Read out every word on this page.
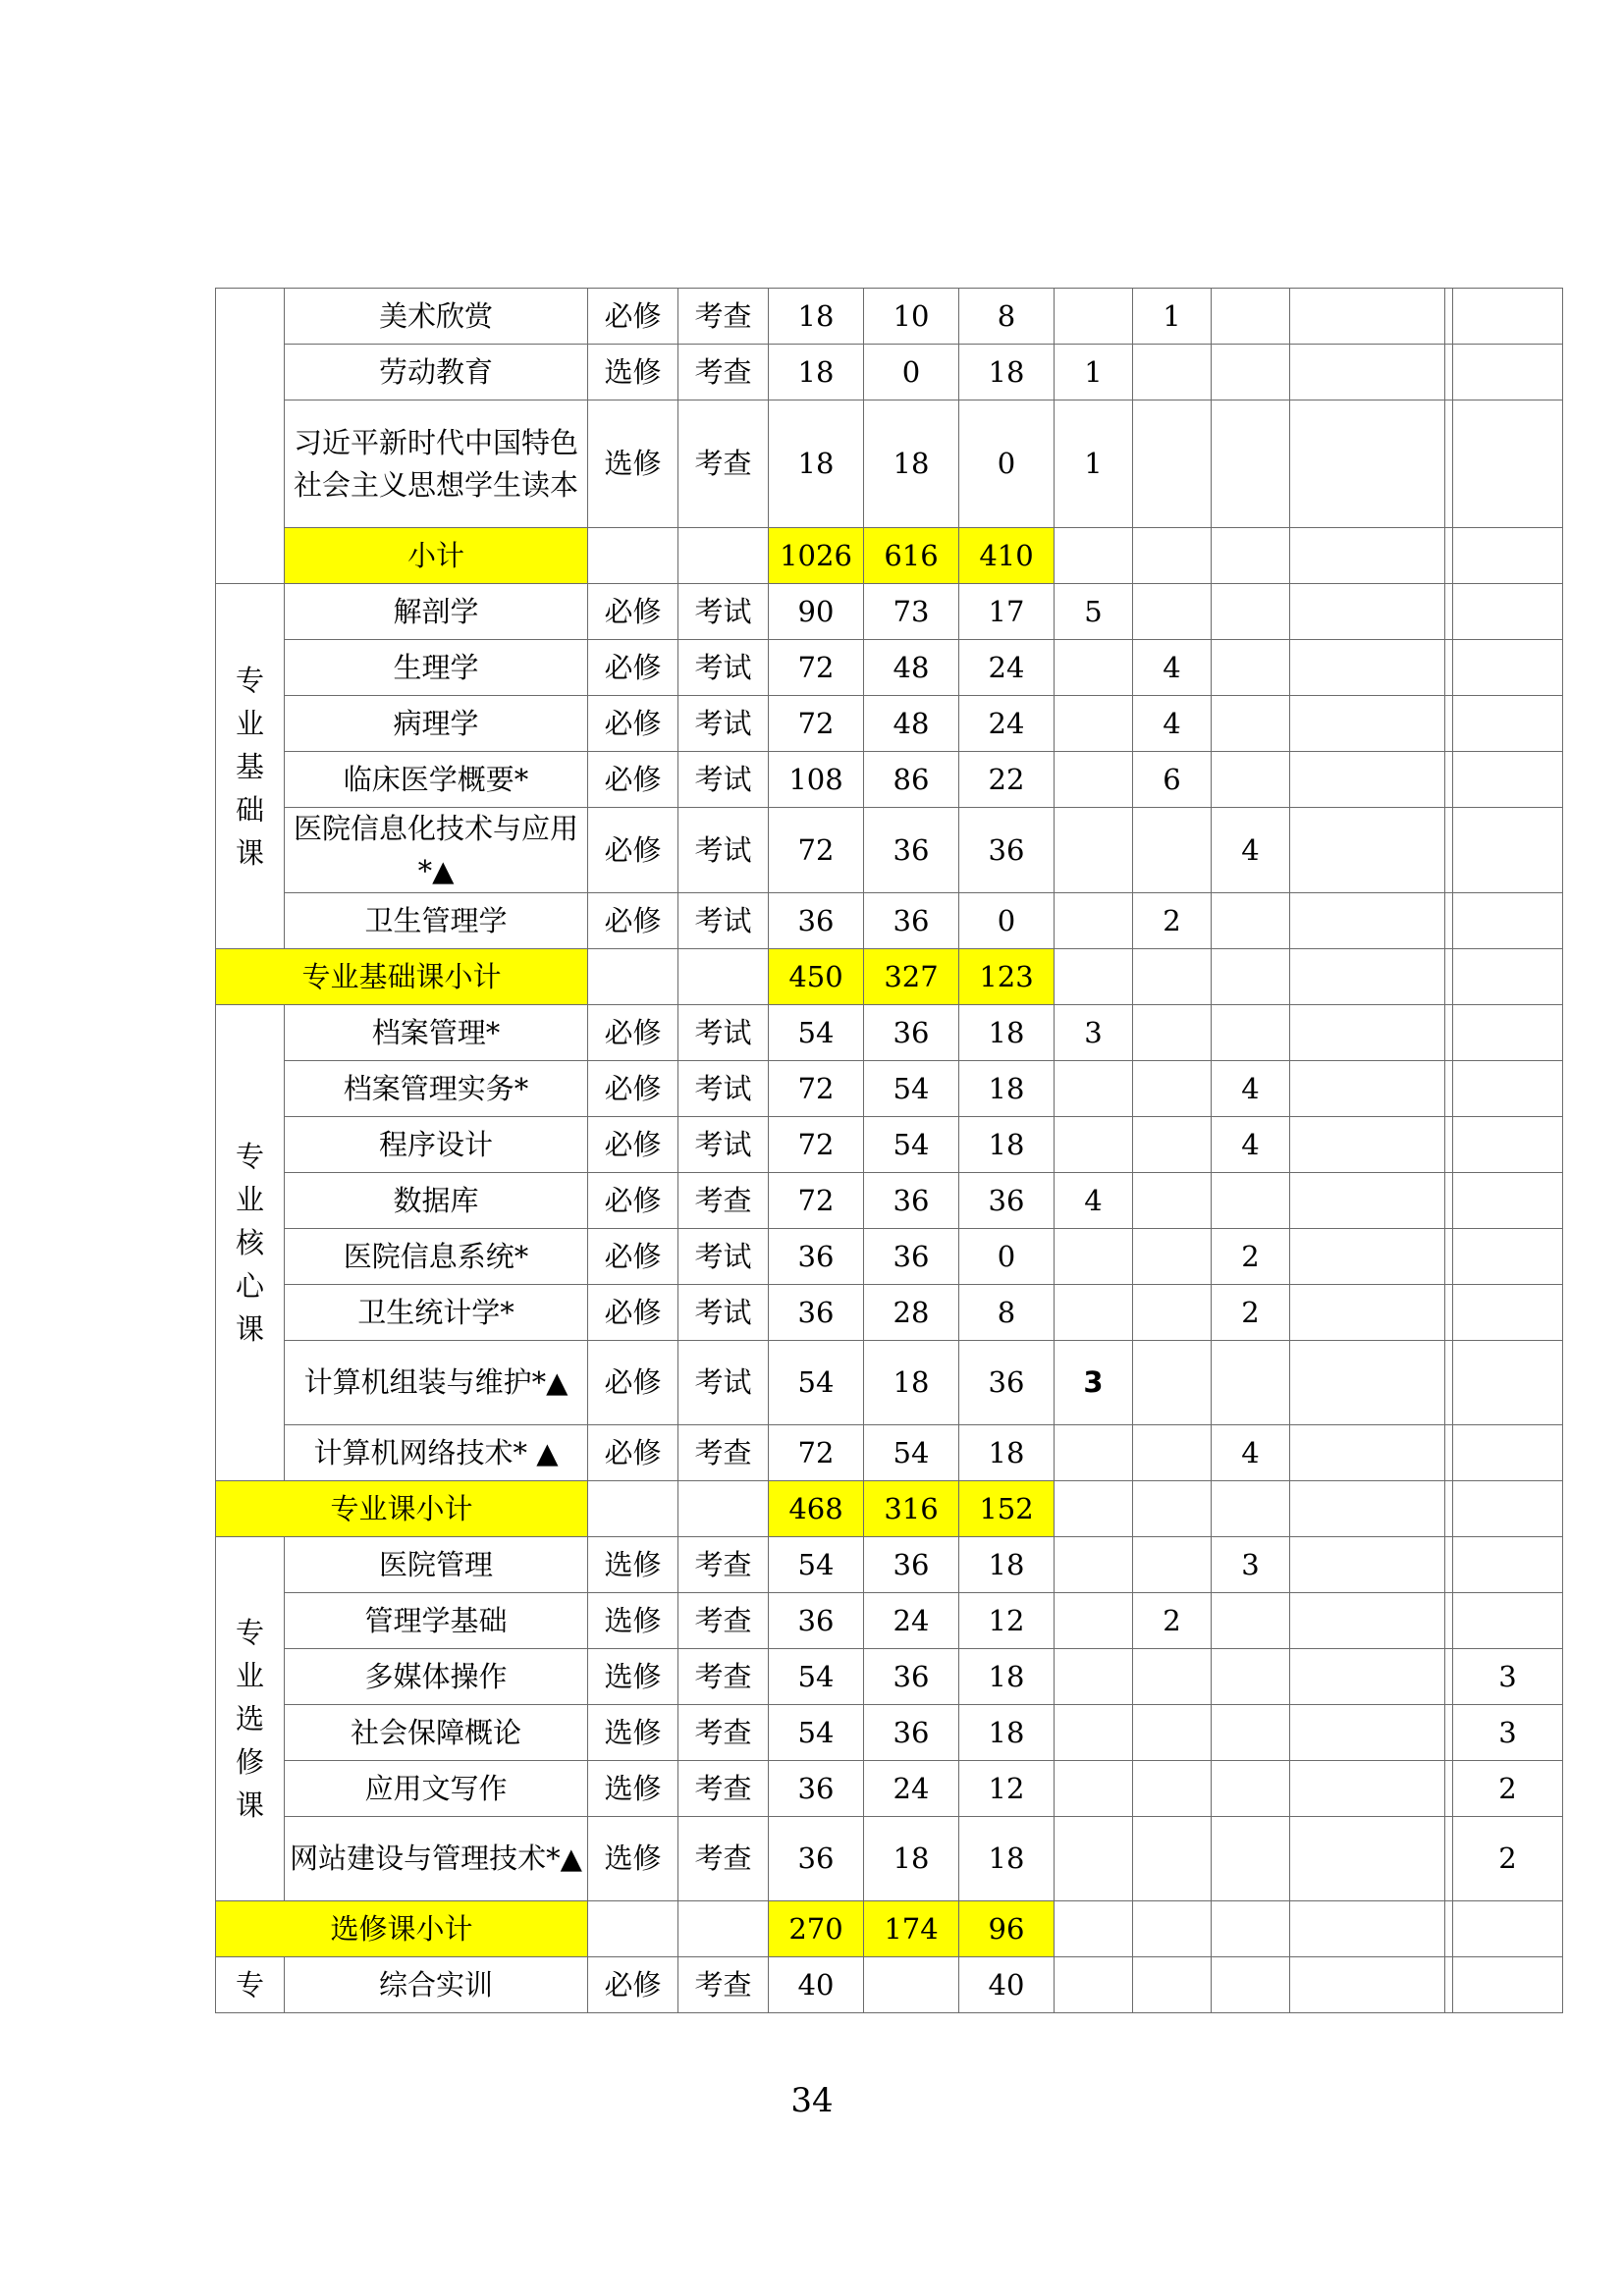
	美术欣赏	必修	考查	18	10	8		1				
	劳动教育	选修	考查	18	0	18	1					
	习近平新时代中国特色社会主义思想学生读本	选修	考查	18	18	0	1					
	小计			1026	616	410						

专业基础课	解剖学	必修	考试	90	73	17	5					
	生理学	必修	考试	72	48	24		4				
	病理学	必修	考试	72	48	24		4				
	临床医学概要*	必修	考试	108	86	22		6				
	医院信息化技术与应用*▲	必修	考试	72	36	36			4			
	卫生管理学	必修	考试	36	36	0		2				
专业基础课小计				450	327	123						

专业核心课	档案管理*	必修	考试	54	36	18	3					
	档案管理实务*	必修	考试	72	54	18			4			
	程序设计	必修	考试	72	54	18			4			
	数据库	必修	考查	72	36	36	4					
	医院信息系统*	必修	考试	36	36	0			2			
	卫生统计学*	必修	考试	36	28	8			2			
	计算机组装与维护*▲	必修	考试	54	18	36	3					
	计算机网络技术* ▲	必修	考查	72	54	18			4			
专业课小计				468	316	152						

专业选修课	医院管理	选修	考查	54	36	18			3			
	管理学基础	选修	考查	36	24	12		2				
	多媒体操作	选修	考查	54	36	18						3
	社会保障概论	选修	考查	54	36	18						3
	应用文写作	选修	考查	36	24	12						2
	网站建设与管理技术*▲	选修	考查	36	18	18						2
选修课小计				270	174	96						

专	综合实训	必修	考查	40		40						
34
